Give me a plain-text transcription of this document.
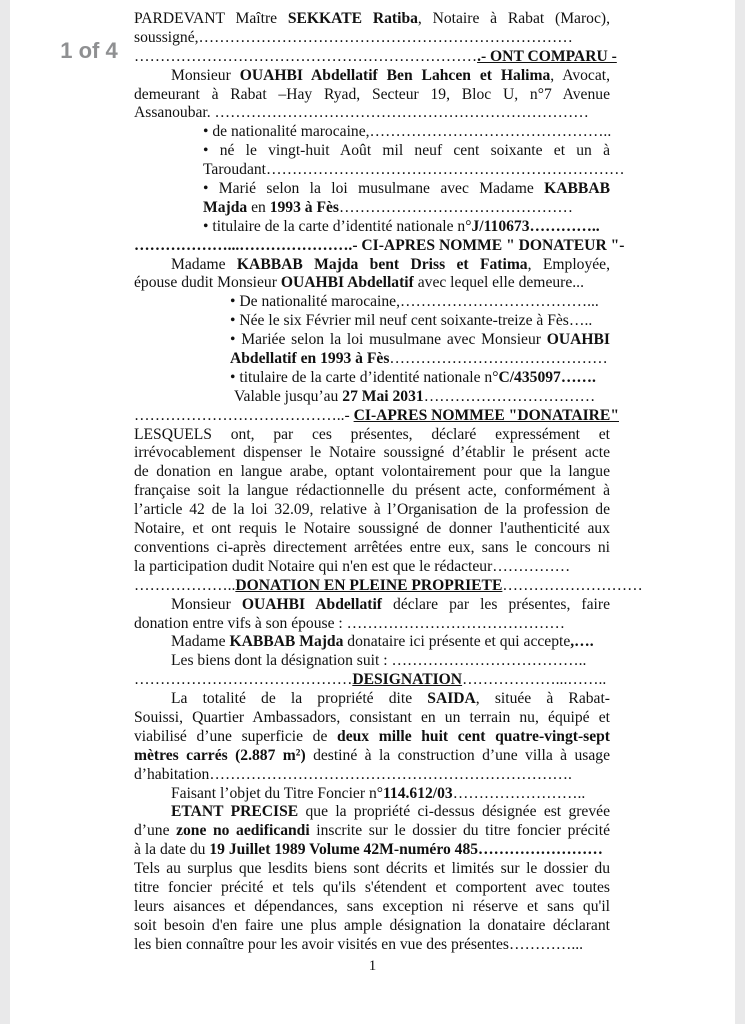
PARDEVANT Maître SEKKATE Ratiba, Notaire à Rabat (Maroc),
soussigné,………………………………………………………………
………………………………………………………….- ONT COMPARU -
Monsieur OUAHBI Abdellatif Ben Lahcen et Halima, Avocat,
demeurant à Rabat –Hay Ryad, Secteur 19, Bloc U, n°7 Avenue
Assanoubar. ………………………………………………………………
• de nationalité marocaine,………………………………………..
• né le vingt-huit Août mil neuf cent soixante et un à
Taroudant……………………………………………………………
• Marié selon la loi musulmane avec Madame KABBAB
Majda en 1993 à Fès………………………………………
• titulaire de la carte d’identité nationale n°J/110673…………..
………………...………………….- CI-APRES NOMME " DONATEUR "-
Madame KABBAB Majda bent Driss et Fatima, Employée,
épouse dudit Monsieur OUAHBI Abdellatif avec lequel elle demeure...
• De nationalité marocaine,………………………………...
• Née le six Février mil neuf cent soixante-treize à Fès…..
• Mariée selon la loi musulmane avec Monsieur OUAHBI
Abdellatif en 1993 à Fès……………………………………
• titulaire de la carte d’identité nationale n°C/435097…….
Valable jusqu’au 27 Mai 2031……………………………
…………………………………..- CI-APRES NOMMEE "DONATAIRE"
LESQUELS ont, par ces présentes, déclaré expressément et
irrévocablement dispenser le Notaire soussigné d’établir le présent acte
de donation en langue arabe, optant volontairement pour que la langue
française soit la langue rédactionnelle du présent acte, conformément à
l’article 42 de la loi 32.09, relative à l’Organisation de la profession de
Notaire, et ont requis le Notaire soussigné de donner l'authenticité aux
conventions ci-après directement arrêtées entre eux, sans le concours ni
la participation dudit Notaire qui n'en est que le rédacteur……………
………………..DONATION EN PLEINE PROPRIETE………………………
Monsieur OUAHBI Abdellatif déclare par les présentes, faire
donation entre vifs à son épouse : ……………………………………
Madame KABBAB Majda donataire ici présente et qui accepte,….
Les biens dont la désignation suit : ………………………………..
……………………………………DESIGNATION………………...……..
La totalité de la propriété dite SAIDA, située à Rabat-
Souissi, Quartier Ambassadors, consistant en un terrain nu, équipé et
viabilisé d’une superficie de deux mille huit cent quatre-vingt-sept
mètres carrés (2.887 m²) destiné à la construction d’une villa à usage
d’habitation…………………………………………………………….
Faisant l’objet du Titre Foncier n°114.612/03……………………..
ETANT PRECISE que la propriété ci-dessus désignée est grevée
d’une zone no aedificandi inscrite sur le dossier du titre foncier précité
à la date du 19 Juillet 1989 Volume 42M-numéro 485……………………
Tels au surplus que lesdits biens sont décrits et limités sur le dossier du
titre foncier précité et tels qu'ils s'étendent et comportent avec toutes
leurs aisances et dépendances, sans exception ni réserve et sans qu'il
soit besoin d'en faire une plus ample désignation la donataire déclarant
les bien connaître pour les avoir visités en vue des présentes…………...
1
1 of 4
